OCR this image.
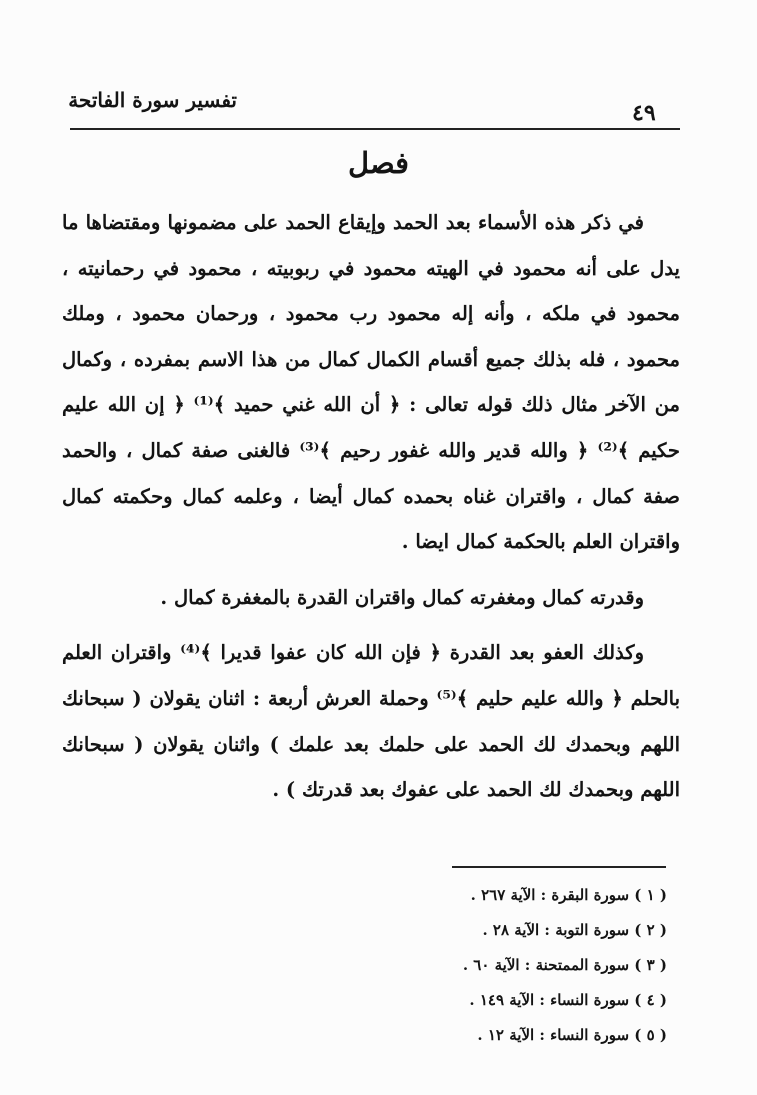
تفسير سورة الفاتحة	٤٩
فصل

في ذكر هذه الأسماء بعد الحمد وإيقاع الحمد على مضمونها ومقتضاها ما يدل على أنه محمود في الهيته محمود في ربوبيته ، محمود في رحمانيته ، محمود في ملكه ، وأنه إله محمود رب محمود ، ورحمان محمود ، وملك محمود ، فله بذلك جميع أقسام الكمال كمال من هذا الاسم بمفرده ، وكمال من الآخر مثال ذلك قوله تعالى : ﴿ أن الله غني حميد ﴾⁽¹⁾ ﴿ إن الله عليم حكيم ﴾⁽²⁾ ﴿ والله قدير والله غفور رحيم ﴾⁽³⁾ فالغنى صفة كمال ، والحمد صفة كمال ، واقتران غناه بحمده كمال أيضا ، وعلمه كمال وحكمته كمال واقتران العلم بالحكمة كمال ايضا .

وقدرته كمال ومغفرته كمال واقتران القدرة بالمغفرة كمال .

وكذلك العفو بعد القدرة ﴿ فإن الله كان عفوا قديرا ﴾⁽⁴⁾ واقتران العلم بالحلم ﴿ والله عليم حليم ﴾⁽⁵⁾ وحملة العرش أربعة : اثنان يقولان ( سبحانك اللهم وبحمدك لك الحمد على حلمك بعد علمك ) واثنان يقولان ( سبحانك اللهم وبحمدك لك الحمد على عفوك بعد قدرتك ) .

( ١ ) سورة البقرة : الآية ٢٦٧ .
( ٢ ) سورة التوبة : الآية ٢٨ .
( ٣ ) سورة الممتحنة : الآية ٦٠ .
( ٤ ) سورة النساء : الآية ١٤٩ .
( ٥ ) سورة النساء : الآية ١٢ .
